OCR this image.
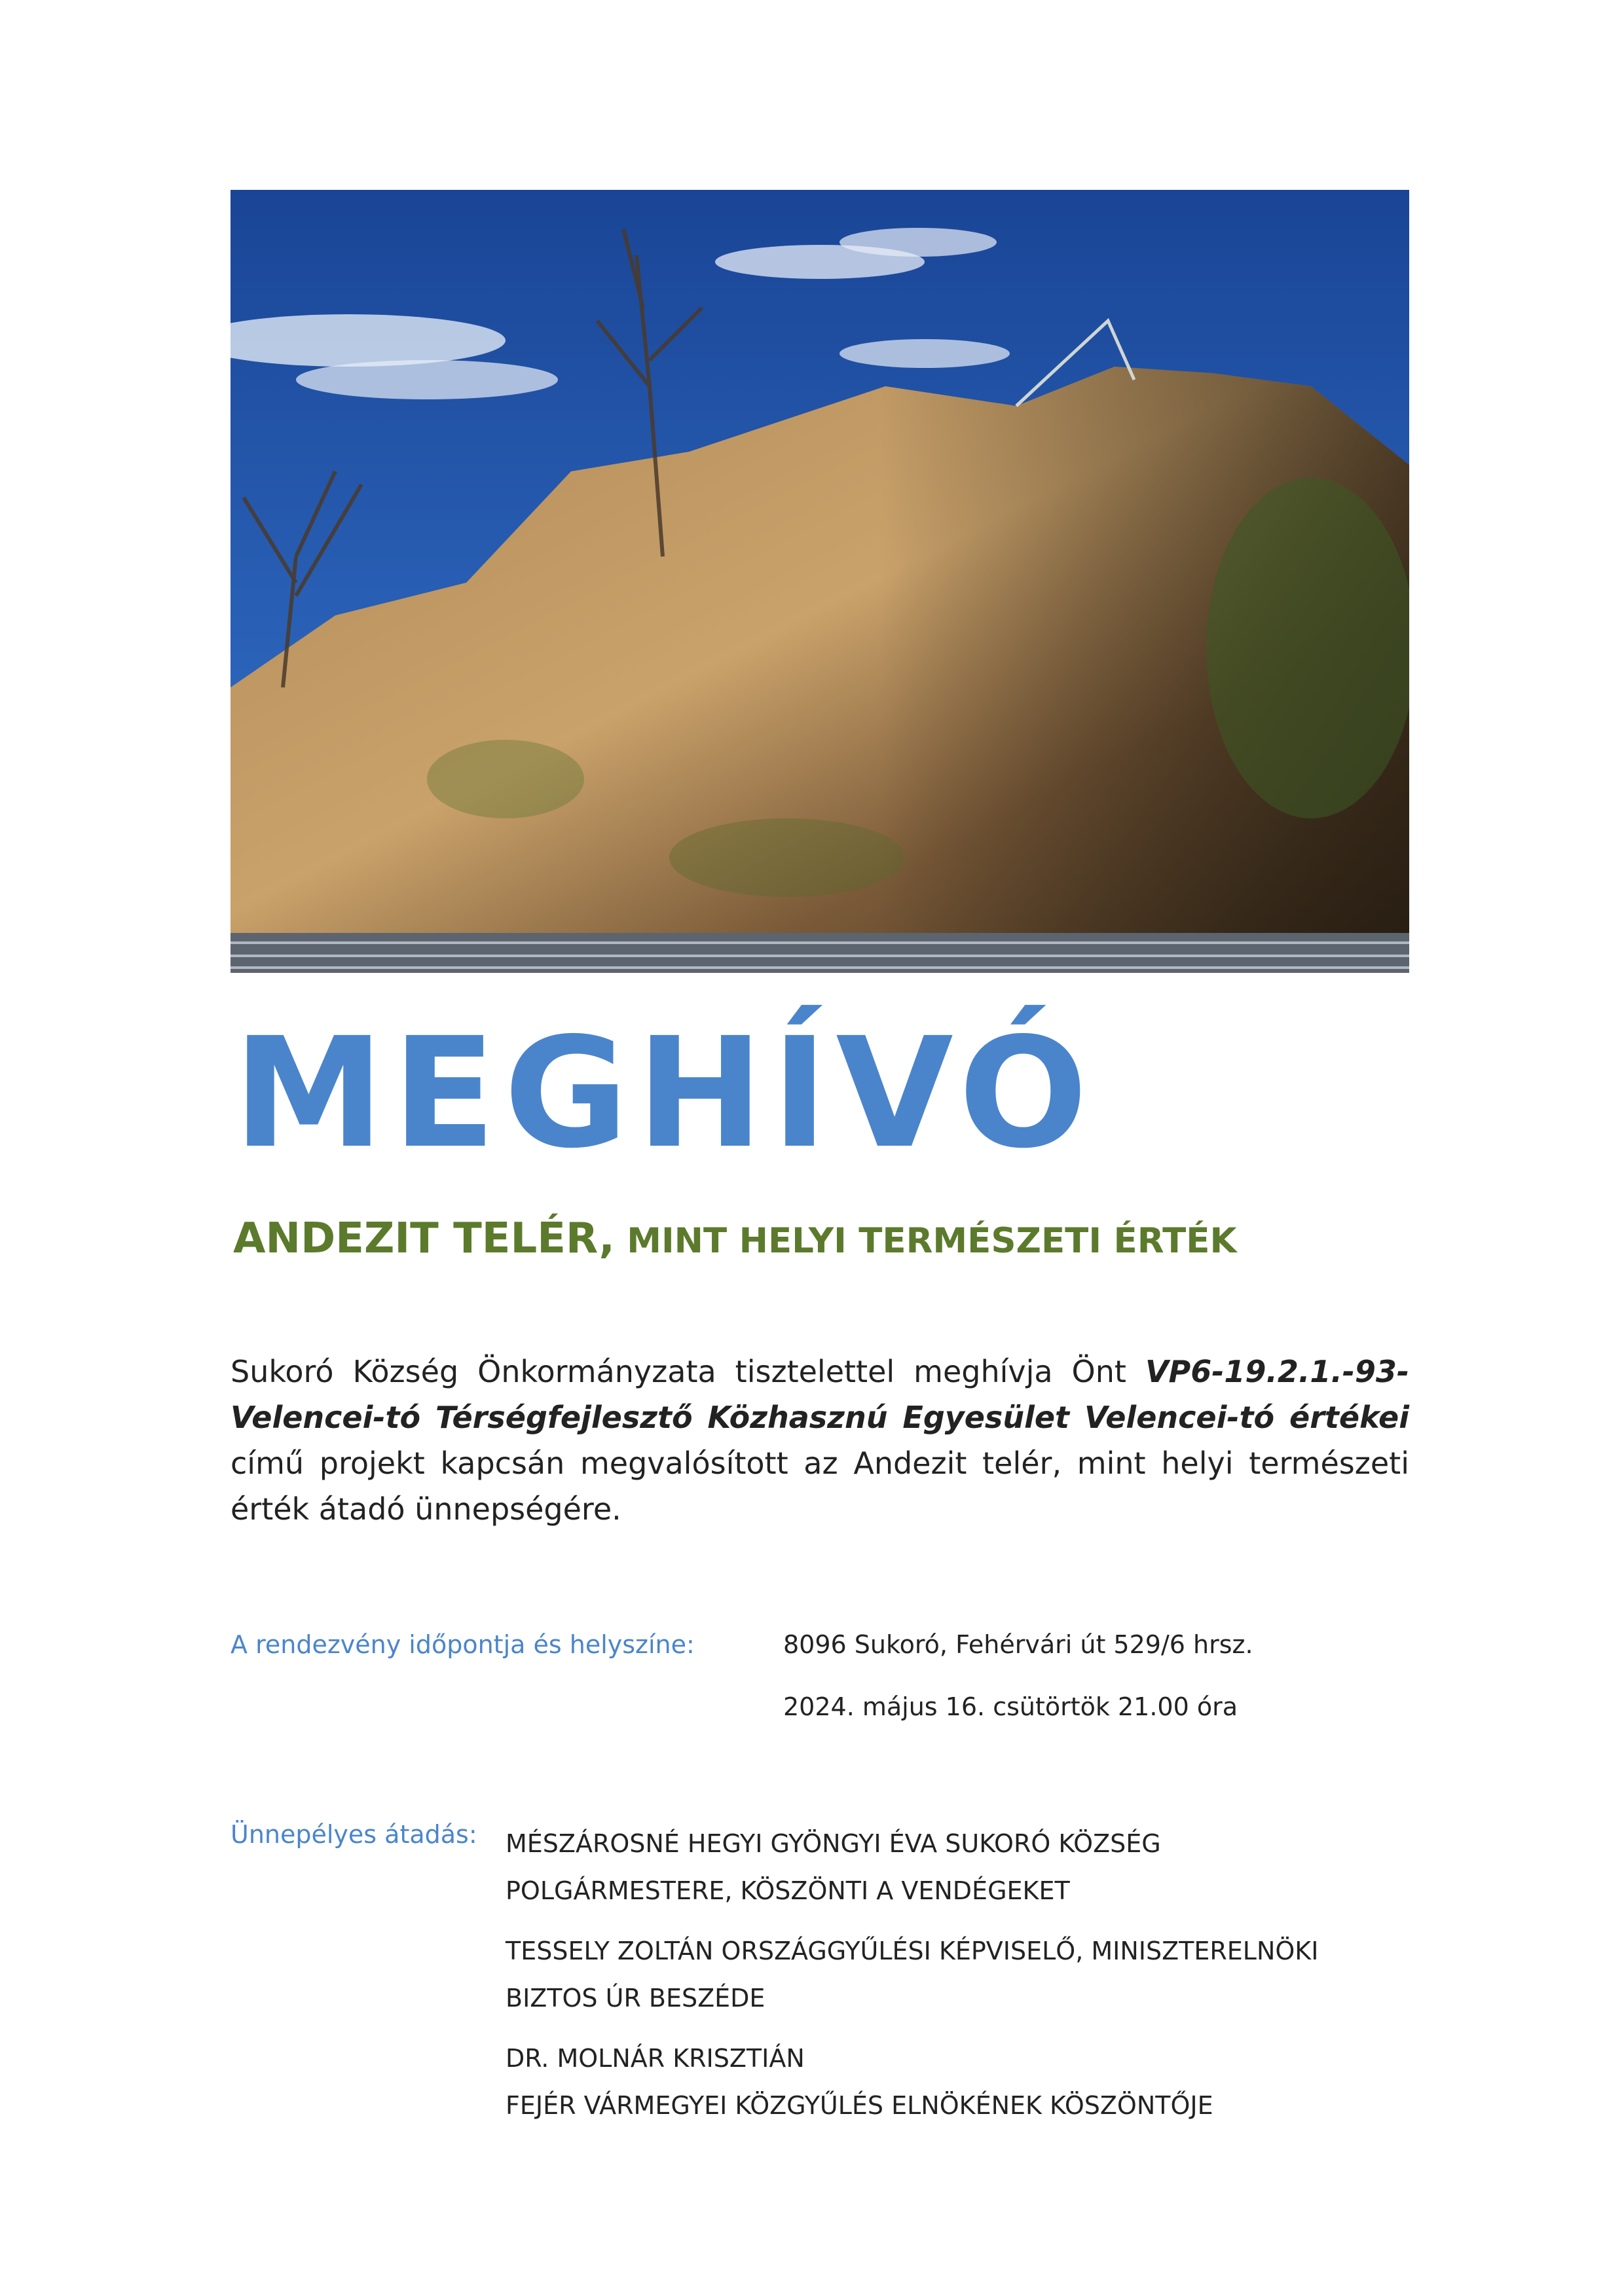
MEGHÍVÓ
ANDEZIT TELÉR, MINT HELYI TERMÉSZETI ÉRTÉK
Sukoró Község Önkormányzata tisztelettel meghívja Önt VP6-19.2.1.-93-Velencei-tó Térségfejlesztő Közhasznú Egyesület Velencei-tó értékei című projekt kapcsán megvalósított az Andezit telér, mint helyi természeti érték átadó ünnepségére.
A rendezvény időpontja és helyszíne:	8096 Sukoró, Fehérvári út 529/6 hrsz.
2024. május 16. csütörtök 21.00 óra
Ünnepélyes átadás: MÉSZÁROSNÉ HEGYI GYÖNGYI ÉVA SUKORÓ KÖZSÉG
POLGÁRMESTERE, KÖSZÖNTI A VENDÉGEKET
TESSELY ZOLTÁN ORSZÁGGYŰLÉSI KÉPVISELŐ, MINISZTERELNÖKI
BIZTOS ÚR BESZÉDE
DR. MOLNÁR KRISZTIÁN
FEJÉR VÁRMEGYEI KÖZGYŰLÉS ELNÖKÉNEK KÖSZÖNTŐJE
